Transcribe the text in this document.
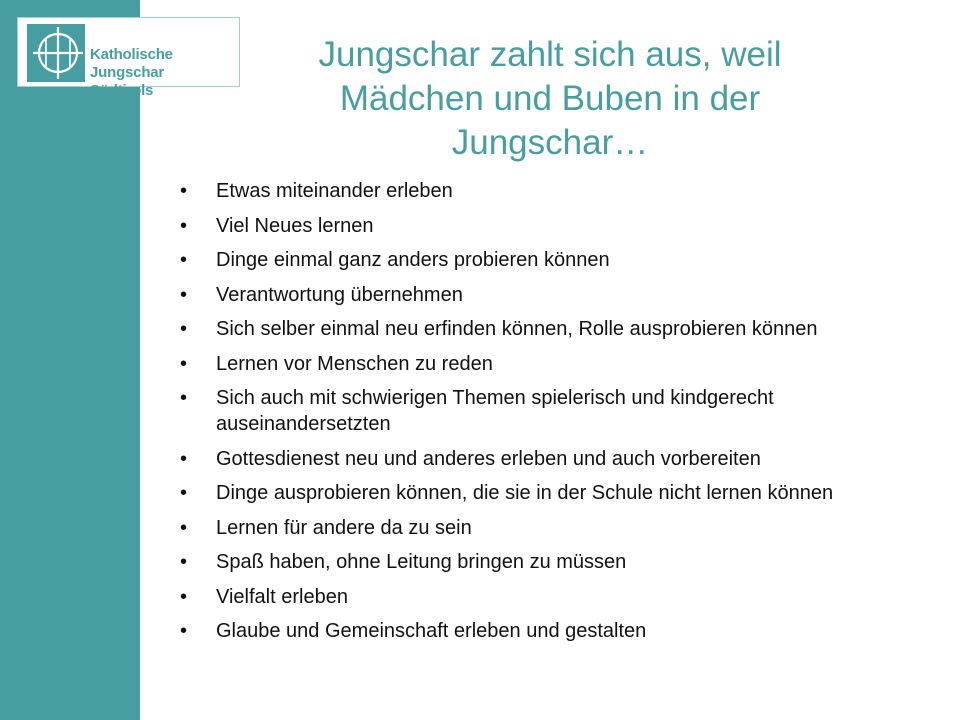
Katholische Jungschar
Südtirols
Jungschar zahlt sich aus, weil
Mädchen und Buben in der
Jungschar…
• Etwas miteinander erleben
• Viel Neues lernen
• Dinge einmal ganz anders probieren können
• Verantwortung übernehmen
• Sich selber einmal neu erfinden können, Rolle ausprobieren können
• Lernen vor Menschen zu reden
• Sich auch mit schwierigen Themen spielerisch und kindgerecht auseinandersetzten
• Gottesdienest neu und anderes erleben und auch vorbereiten
• Dinge ausprobieren können, die sie in der Schule nicht lernen können
• Lernen für andere da zu sein
• Spaß haben, ohne Leitung bringen zu müssen
• Vielfalt erleben
• Glaube und Gemeinschaft erleben und gestalten
